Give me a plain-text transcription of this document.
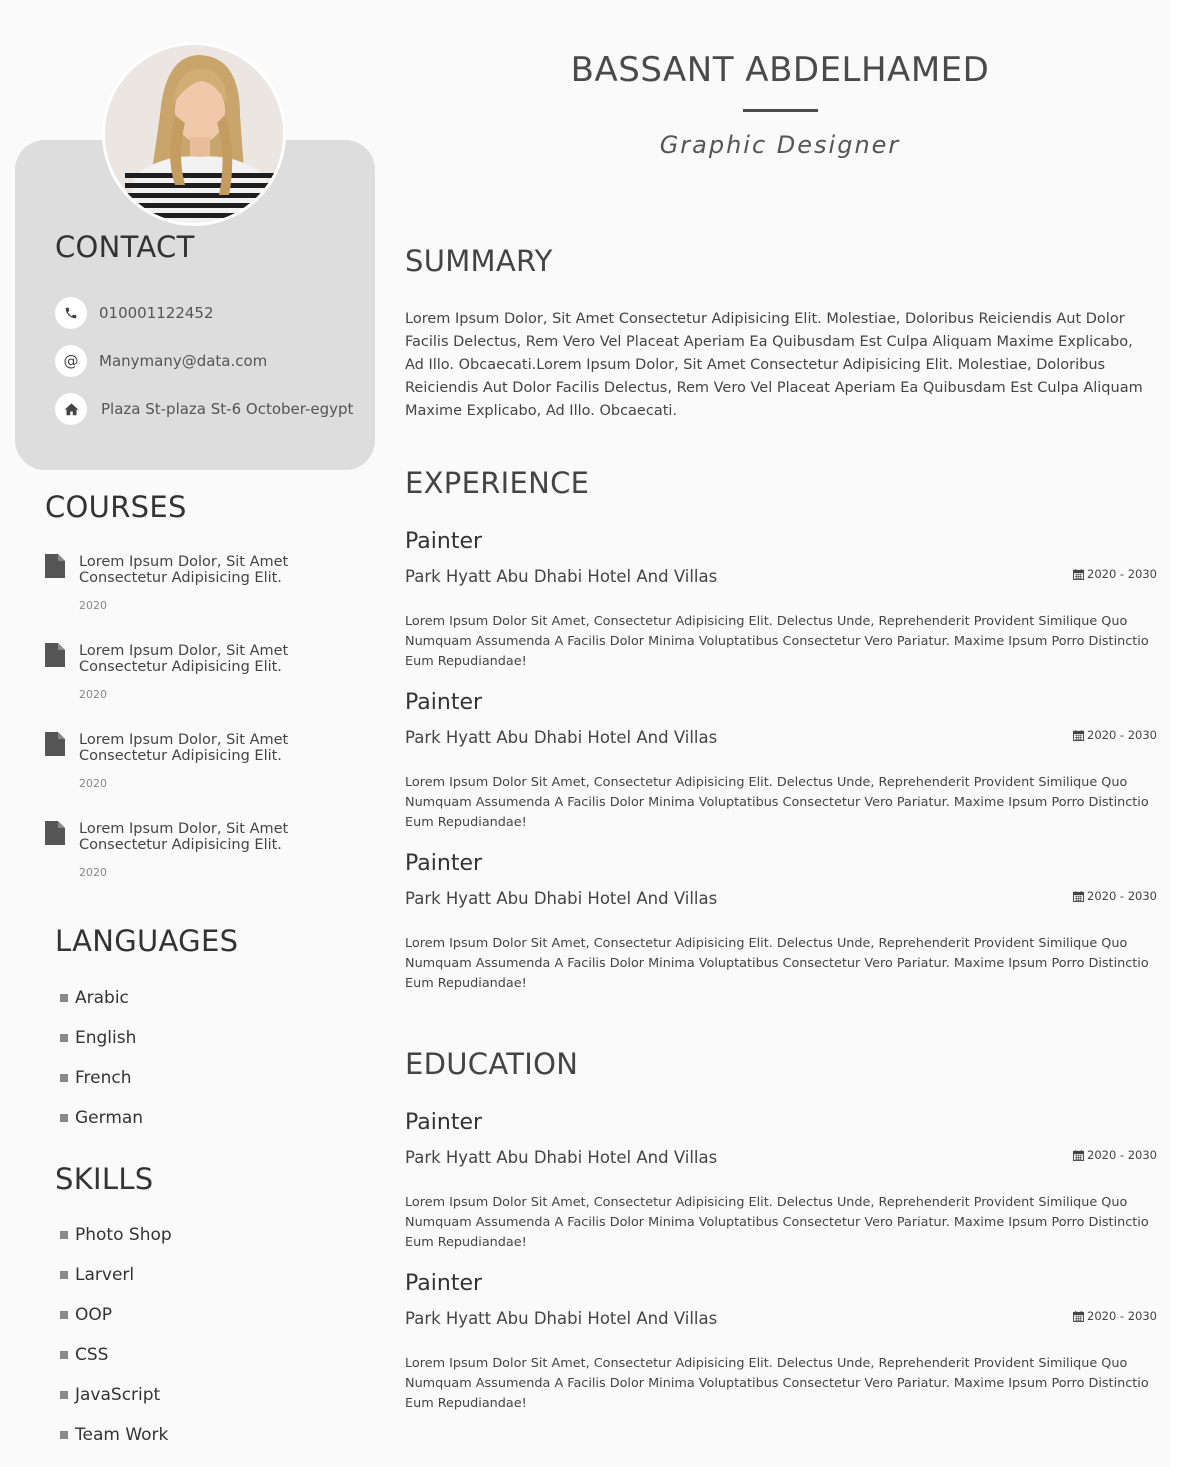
CONTACT
010001122452
@	Manymany@data.com
Plaza St-plaza St-6 October-egypt
COURSES
Lorem Ipsum Dolor, Sit Amet Consectetur Adipisicing Elit.
2020
Lorem Ipsum Dolor, Sit Amet Consectetur Adipisicing Elit.
2020
Lorem Ipsum Dolor, Sit Amet Consectetur Adipisicing Elit.
2020
Lorem Ipsum Dolor, Sit Amet Consectetur Adipisicing Elit.
2020
LANGUAGES
Arabic
English
French
German
SKILLS
Photo Shop
Larverl
OOP
CSS
JavaScript
Team Work
BASSANT ABDELHAMED
Graphic Designer
SUMMARY
Lorem Ipsum Dolor, Sit Amet Consectetur Adipisicing Elit. Molestiae, Doloribus Reiciendis Aut Dolor Facilis Delectus, Rem Vero Vel Placeat Aperiam Ea Quibusdam Est Culpa Aliquam Maxime Explicabo, Ad Illo. Obcaecati.Lorem Ipsum Dolor, Sit Amet Consectetur Adipisicing Elit. Molestiae, Doloribus Reiciendis Aut Dolor Facilis Delectus, Rem Vero Vel Placeat Aperiam Ea Quibusdam Est Culpa Aliquam Maxime Explicabo, Ad Illo. Obcaecati.
EXPERIENCE
Painter
Park Hyatt Abu Dhabi Hotel And Villas	2020 - 2030
Lorem Ipsum Dolor Sit Amet, Consectetur Adipisicing Elit. Delectus Unde, Reprehenderit Provident Similique Quo Numquam Assumenda A Facilis Dolor Minima Voluptatibus Consectetur Vero Pariatur. Maxime Ipsum Porro Distinctio Eum Repudiandae!
Painter
Park Hyatt Abu Dhabi Hotel And Villas	2020 - 2030
Lorem Ipsum Dolor Sit Amet, Consectetur Adipisicing Elit. Delectus Unde, Reprehenderit Provident Similique Quo Numquam Assumenda A Facilis Dolor Minima Voluptatibus Consectetur Vero Pariatur. Maxime Ipsum Porro Distinctio Eum Repudiandae!
Painter
Park Hyatt Abu Dhabi Hotel And Villas	2020 - 2030
Lorem Ipsum Dolor Sit Amet, Consectetur Adipisicing Elit. Delectus Unde, Reprehenderit Provident Similique Quo Numquam Assumenda A Facilis Dolor Minima Voluptatibus Consectetur Vero Pariatur. Maxime Ipsum Porro Distinctio Eum Repudiandae!
EDUCATION
Painter
Park Hyatt Abu Dhabi Hotel And Villas	2020 - 2030
Lorem Ipsum Dolor Sit Amet, Consectetur Adipisicing Elit. Delectus Unde, Reprehenderit Provident Similique Quo Numquam Assumenda A Facilis Dolor Minima Voluptatibus Consectetur Vero Pariatur. Maxime Ipsum Porro Distinctio Eum Repudiandae!
Painter
Park Hyatt Abu Dhabi Hotel And Villas	2020 - 2030
Lorem Ipsum Dolor Sit Amet, Consectetur Adipisicing Elit. Delectus Unde, Reprehenderit Provident Similique Quo Numquam Assumenda A Facilis Dolor Minima Voluptatibus Consectetur Vero Pariatur. Maxime Ipsum Porro Distinctio Eum Repudiandae!
